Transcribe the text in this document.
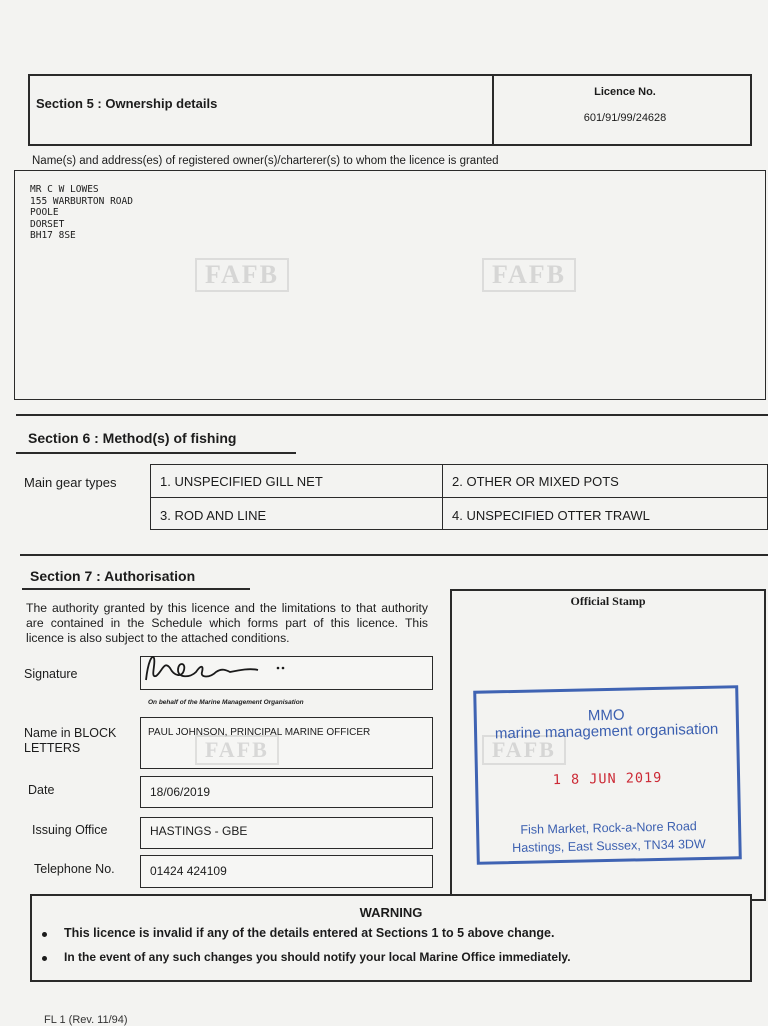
Section 5 : Ownership details
Licence No.
601/91/99/24628
Name(s) and address(es) of registered owner(s)/charterer(s) to whom the licence is granted
MR C W LOWES
155 WARBURTON ROAD
POOLE
DORSET
BH17 8SE
FAFB	FAFB
Section 6 : Method(s) of fishing
Main gear types	1. UNSPECIFIED GILL NET	2. OTHER OR MIXED POTS
3. ROD AND LINE	4. UNSPECIFIED OTTER TRAWL
Section 7 : Authorisation
The authority granted by this licence and the limitations to that authority are contained in the Schedule which forms part of this licence. This licence is also subject to the attached conditions.
Signature
On behalf of the Marine Management Organisation
Name in BLOCK LETTERS
PAUL JOHNSON, PRINCIPAL MARINE OFFICER
Date	18/06/2019
Issuing Office	HASTINGS - GBE
Telephone No.	01424 424109
FAFB	FAFB
Official Stamp
MMO
marine management organisation
1 8 JUN 2019
Fish Market, Rock-a-Nore Road
Hastings, East Sussex, TN34 3DW
WARNING
This licence is invalid if any of the details entered at Sections 1 to 5 above change.
In the event of any such changes you should notify your local Marine Office immediately.
FL 1 (Rev. 11/94)
